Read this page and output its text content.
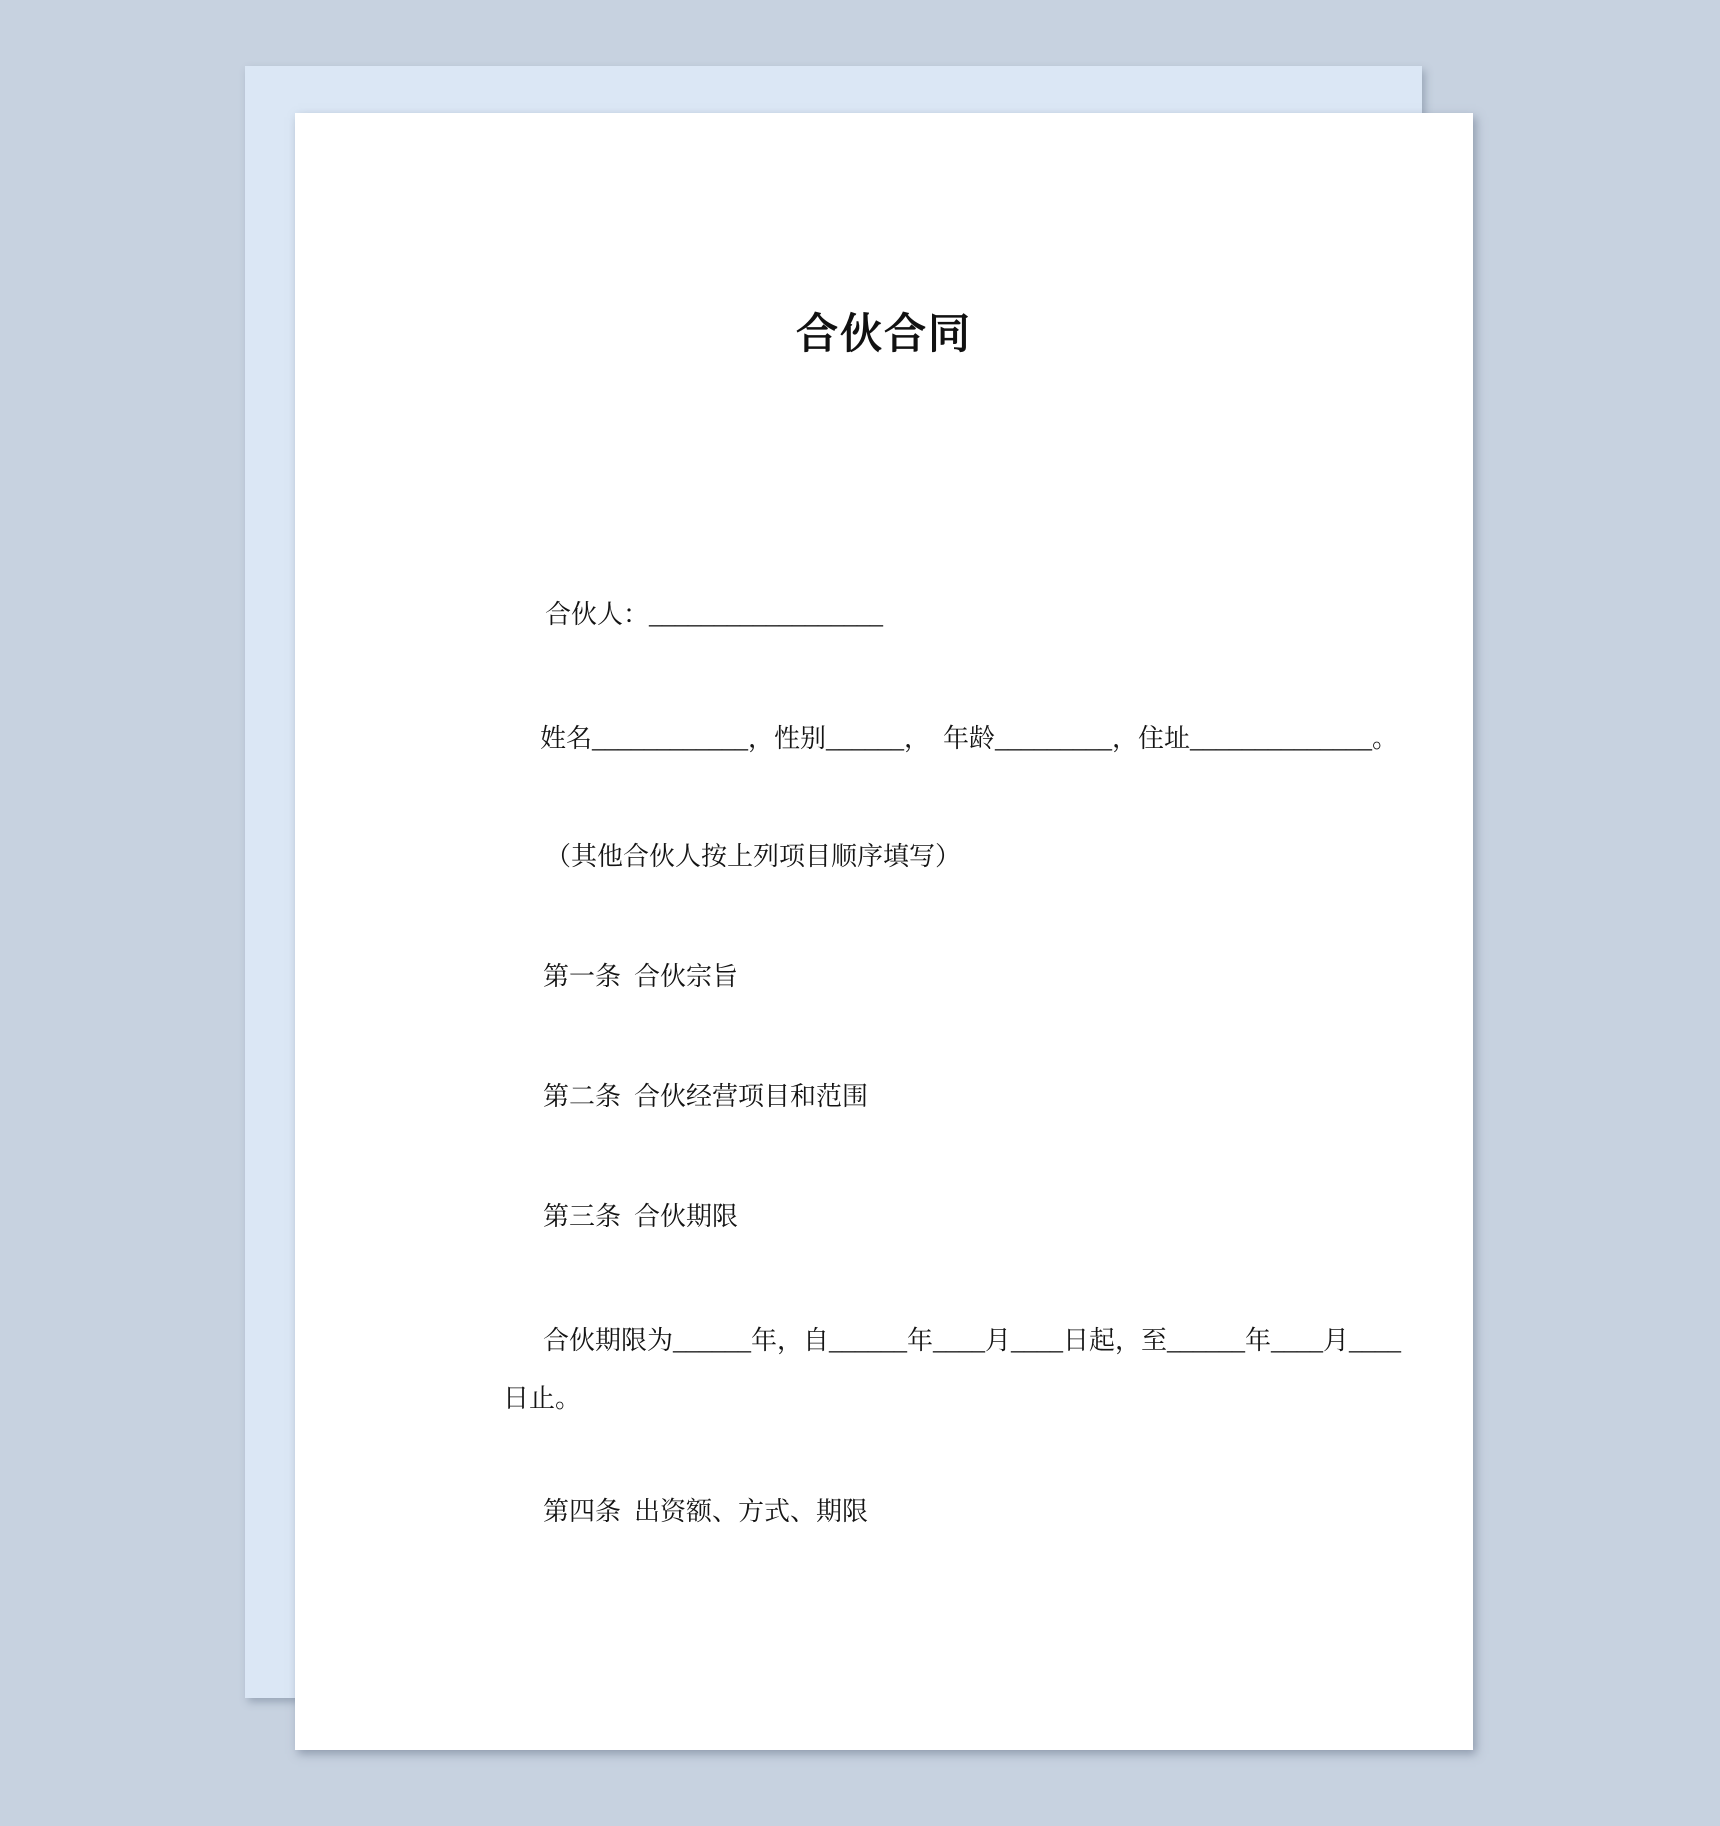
合伙合同
合伙人：__________________
姓名____________，性别______，  年龄_________，住址______________。
（其他合伙人按上列项目顺序填写）
第一条  合伙宗旨
第二条  合伙经营项目和范围
第三条  合伙期限
合伙期限为______年，自______年____月____日起，至______年____月____
日止。
第四条  出资额、方式、期限
